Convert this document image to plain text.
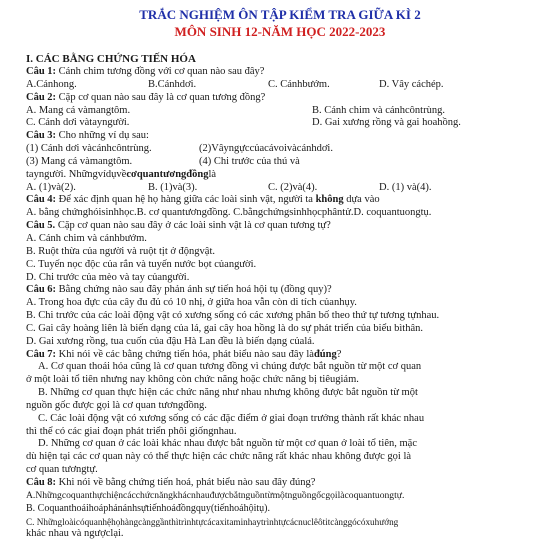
TRẮC NGHIỆM ÔN TẬP KIỂM TRA GIỮA KÌ 2
MÔN SINH 12-NĂM HỌC 2022-2023
I. CÁC BẰNG CHỨNG TIẾN HÓA
Câu 1: Cánh chim tương đồng với cơ quan nào sau đây?
A.Cánhong.	B.Cánhdơi.	C. Cánhbướm.	D. Vây cáchép.
Câu 2: Cặp cơ quan nào sau đây là cơ quan tương đồng?
A. Mang cá vàmangtôm.	B. Cánh chim và cánhcôntrùng.
C. Cánh dơi vàtayngười.	D. Gai xương rồng và gai hoahồng.
Câu 3: Cho những ví dụ sau:
(1) Cánh dơi vàcánhcôntrùng.	(2)Vâyngựccủacávoivàcánhdơi.
(3) Mang cá vàmangtôm.	(4) Chi trước của thú và
tayngười. Nhữngvídụvềcơquantươngđồnglà
A. (1)và(2).	B. (1)và(3).	C. (2)và(4).	D. (1) và(4).
Câu 4: Để xác định quan hệ họ hàng giữa các loài sinh vật, người ta không dựa vào
A. bằng chứnghóisinhhọc.B. cơ quantươngđồng. C.bằngchứngsinhhọcphântử.D. coquantuongtụ.
Câu 5. Cặp cơ quan nào sau đây ở các loài sinh vật là cơ quan tương tự?
A. Cánh chim và cánhbướm.
B. Ruột thừa của người và ruột tịt ở độngvật.
C. Tuyến nọc độc của rắn và tuyến nước bọt củangười.
D. Chi trước của mèo và tay củangười.
Câu 6: Bằng chứng nào sau đây phản ánh sự tiến hoá hội tụ (đồng quy)?
A. Trong hoa đực của cây đu đủ có 10 nhị, ở giữa hoa vẫn còn di tích củanhụy.
B. Chi trước của các loài động vật có xương sống có các xương phân bố theo thứ tự tương tựnhau.
C. Gai cây hoàng liên là biến dạng của lá, gai cây hoa hồng là do sự phát triển của biểu bìthân.
D. Gai xương rồng, tua cuốn của đậu Hà Lan đều là biến dạng củalá.
Câu 7: Khi nói về các bằng chứng tiến hóa, phát biểu nào sau đây làđúng?
A. Cơ quan thoái hóa cũng là cơ quan tương đồng vì chúng được bắt nguồn từ một cơ quan
ở một loài tổ tiên nhưng nay không còn chức năng hoặc chức năng bị tiêugiảm.
B. Những cơ quan thực hiện các chức năng như nhau nhưng không được bắt nguồn từ một
nguồn gốc được gọi là cơ quan tươngđồng.
C. Các loài động vật có xương sống có các đặc điểm ở giai đoạn trưởng thành rất khác nhau
thì thể có các giai đoạn phát triển phôi giốngnhau.
D. Những cơ quan ở các loài khác nhau được bắt nguồn từ một cơ quan ở loài tổ tiên, mặc
dù hiện tại các cơ quan này có thể thực hiện các chức năng rất khác nhau không được gọi là
cơ quan tươngtự.
Câu 8: Khi nói về bằng chứng tiến hoá, phát biểu nào sau đây đúng?
A.Nhữngcoquanthựchiệncácchứcnăngkhácnhauđượcbắtnguồntừmộtnguồngốcgọilàcoquantuongtự.
B. Coquanthoáihoáphảnánhsựtiếnhoáđồngquy(tiếnhoáhộitụ).
C. Nhữngloàicóquanhệhọhàngcànggầnthìtrìnhtựcácaxitaminhaytrìnhtựcácnuclêôtitcànggócóxuhướng
khác nhau và ngượclại.
